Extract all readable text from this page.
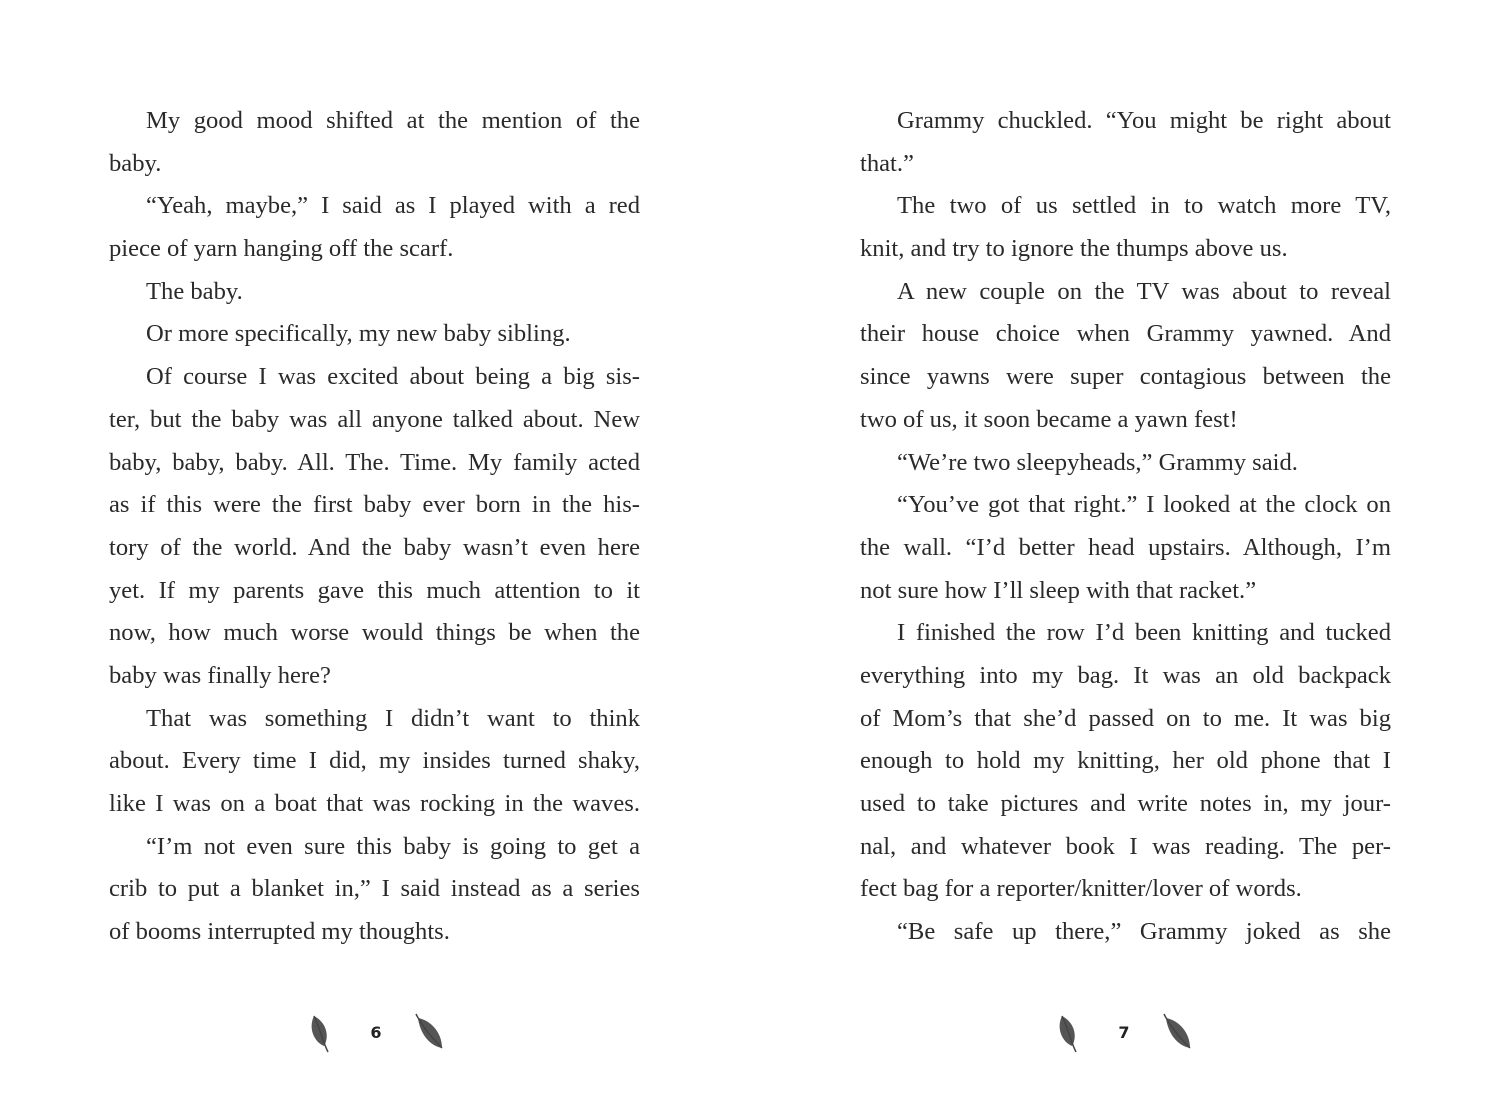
My good mood shifted at the mention of the
baby.
“Yeah, maybe,” I said as I played with a red
piece of yarn hanging off the scarf.
The baby.
Or more specifically, my new baby sibling.
Of course I was excited about being a big sis-
ter, but the baby was all anyone talked about. New
baby, baby, baby. All. The. Time. My family acted
as if this were the first baby ever born in the his-
tory of the world. And the baby wasn’t even here
yet. If my parents gave this much attention to it
now, how much worse would things be when the
baby was finally here?
That was something I didn’t want to think
about. Every time I did, my insides turned shaky,
like I was on a boat that was rocking in the waves.
“I’m not even sure this baby is going to get a
crib to put a blanket in,” I said instead as a series
of booms interrupted my thoughts.
Grammy chuckled. “You might be right about
that.”
The two of us settled in to watch more TV,
knit, and try to ignore the thumps above us.
A new couple on the TV was about to reveal
their house choice when Grammy yawned. And
since yawns were super contagious between the
two of us, it soon became a yawn fest!
“We’re two sleepyheads,” Grammy said.
“You’ve got that right.” I looked at the clock on
the wall. “I’d better head upstairs. Although, I’m
not sure how I’ll sleep with that racket.”
I finished the row I’d been knitting and tucked
everything into my bag. It was an old backpack
of Mom’s that she’d passed on to me. It was big
enough to hold my knitting, her old phone that I
used to take pictures and write notes in, my jour-
nal, and whatever book I was reading. The per-
fect bag for a reporter/knitter/lover of words.
“Be safe up there,” Grammy joked as she
6	7
